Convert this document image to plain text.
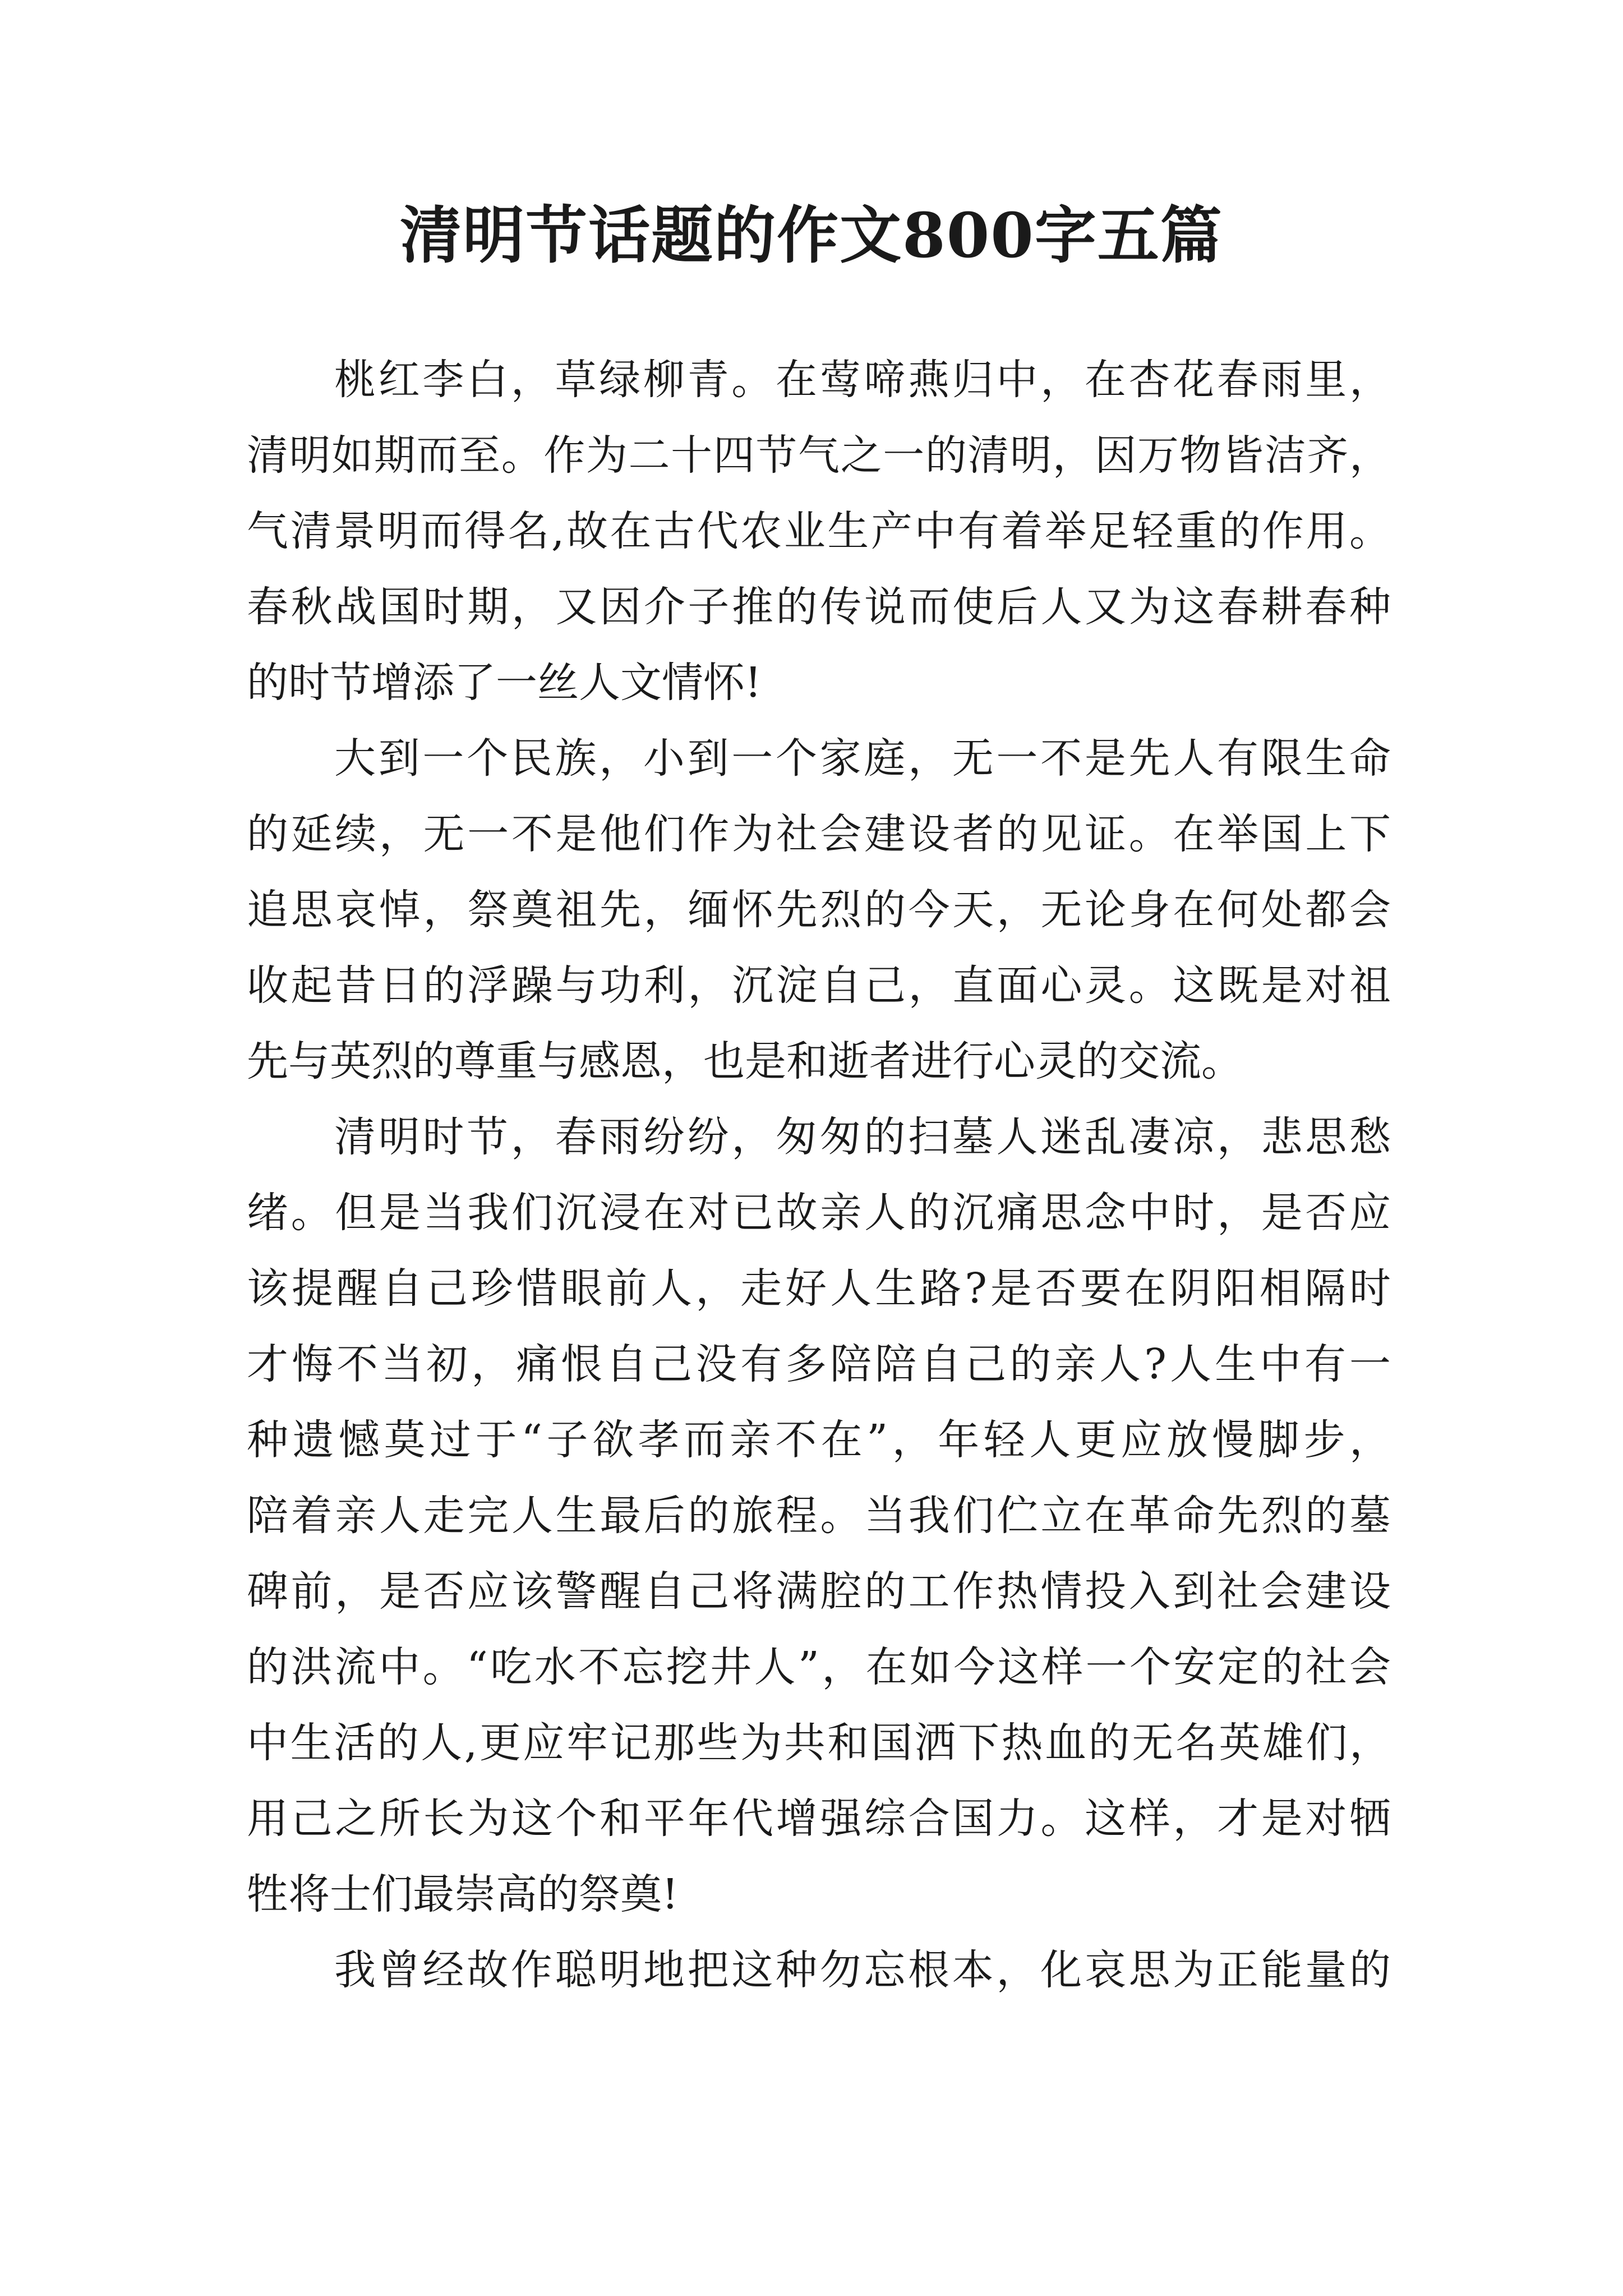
清明节话题的作文800字五篇
桃红李白，草绿柳青。在莺啼燕归中，在杏花春雨里，
清明如期而至。作为二十四节气之一的清明，因万物皆洁齐，
气清景明而得名,故在古代农业生产中有着举足轻重的作用。
春秋战国时期，又因介子推的传说而使后人又为这春耕春种
的时节增添了一丝人文情怀!
大到一个民族，小到一个家庭，无一不是先人有限生命
的延续，无一不是他们作为社会建设者的见证。在举国上下
追思哀悼，祭奠祖先，缅怀先烈的今天，无论身在何处都会
收起昔日的浮躁与功利，沉淀自己，直面心灵。这既是对祖
先与英烈的尊重与感恩，也是和逝者进行心灵的交流。
清明时节，春雨纷纷，匆匆的扫墓人迷乱凄凉，悲思愁
绪。但是当我们沉浸在对已故亲人的沉痛思念中时，是否应
该提醒自己珍惜眼前人，走好人生路?是否要在阴阳相隔时
才悔不当初，痛恨自己没有多陪陪自己的亲人?人生中有一
种遗憾莫过于“子欲孝而亲不在”，年轻人更应放慢脚步，
陪着亲人走完人生最后的旅程。当我们伫立在革命先烈的墓
碑前，是否应该警醒自己将满腔的工作热情投入到社会建设
的洪流中。“吃水不忘挖井人”，在如今这样一个安定的社会
中生活的人,更应牢记那些为共和国洒下热血的无名英雄们，
用己之所长为这个和平年代增强综合国力。这样，才是对牺
牲将士们最崇高的祭奠!
我曾经故作聪明地把这种勿忘根本，化哀思为正能量的
